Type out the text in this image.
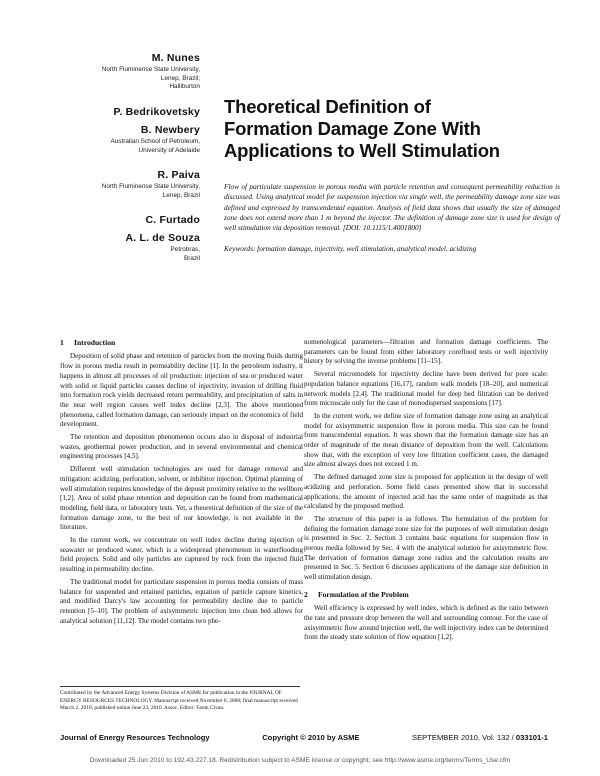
M. Nunes
North Fluminense State University,
Lenep, Brazil;
Halliburton
P. Bedrikovetsky
B. Newbery
Australian School of Petroleum,
University of Adelaide
R. Paiva
North Fluminense State University,
Lenep, Brazil
C. Furtado
A. L. de Souza
Petrobras,
Brazil
Theoretical Definition of
Formation Damage Zone With
Applications to Well Stimulation
Flow of particulate suspension in porous media with particle retention and consequent permeability reduction is discussed. Using analytical model for suspension injection via single well, the permeability damage zone size was defined and expressed by transcendental equation. Analysis of field data shows that usually the size of damaged zone does not extend more than 1 m beyond the injector. The definition of damage zone size is used for design of well stimulation via deposition removal. [DOI: 10.1115/1.4001800]
Keywords: formation damage, injectivity, well stimulation, analytical model, acidizing
1 Introduction

Deposition of solid phase and retention of particles from the moving fluids during flow in porous media result in permeability decline [1]. In the petroleum industry, it happens in almost all processes of oil production: injection of sea or produced water with solid or liquid particles causes decline of injectivity, invasion of drilling fluid into formation rock yields decreased return permeability, and precipitation of salts in the near well region causes well index decline [2,3]. The above mentioned phenomena, called formation damage, can seriously impact on the economics of field development.

The retention and deposition phenomenon occurs also in disposal of industrial wastes, geothermal power production, and in several environmental and chemical engineering processes [4,5].

Different well stimulation technologies are used for damage removal and mitigation: acidizing, perforation, solvent, or inhibitor injection. Optimal planning of well stimulation requires knowledge of the deposit proximity relative to the wellbore [1,2]. Area of solid phase retention and deposition can be found from mathematical modeling, field data, or laboratory tests. Yet, a theoretical definition of the size of the formation damage zone, to the best of our knowledge, is not available in the literature.

In the current work, we concentrate on well index decline during injection of seawater or produced water, which is a widespread phenomenon in waterflooding field projects. Solid and oily particles are captured by rock from the injected fluid resulting in permeability decline.

The traditional model for particulate suspension in porous media consists of mass balance for suspended and retained particles, equation of particle capture kinetics, and modified Darcy's law accounting for permeability decline due to particle retention [5–10]. The problem of axisymmetric injection into clean bed allows for analytical solution [11,12]. The model contains two phe-

nomenological parameters—filtration and formation damage coefficients. The parameters can be found from either laboratory coreflood tests or well injectivity history by solving the inverse problems [11–15].

Several micromodels for injectivity decline have been derived for pore scale: population balance equations [16,17], random walk models [18–20], and numerical network models [2,4]. The traditional model for deep bed filtration can be derived from microscale only for the case of monodispersed suspensions [17].

In the current work, we define size of formation damage zone using an analytical model for axisymmetric suspension flow in porous media. This size can be found from transcendental equation. It was shown that the formation damage size has an order of magnitude of the mean distance of deposition from the well. Calculations show that, with the exception of very low filtration coefficient cases, the damaged size almost always does not exceed 1 m.

The defined damaged zone size is proposed for application in the design of well acidizing and perforation. Some field cases presented show that in successful applications, the amount of injected acid has the same order of magnitude as that calculated by the proposed method.

The structure of this paper is as follows. The formulation of the problem for defining the formation damage zone size for the purposes of well stimulation design is presented in Sec. 2. Section 3 contains basic equations for suspension flow in porous media followed by Sec. 4 with the analytical solution for axisymmetric flow. The derivation of formation damage zone radius and the calculation results are presented in Sec. 5. Section 6 discusses applications of the damage size definition in well stimulation design.

2 Formulation of the Problem

Well efficiency is expressed by well index, which is defined as the ratio between the rate and pressure drop between the well and surrounding contour. For the case of axisymmetric flow around injection well, the well injectivity index can be determined from the steady state solution of flow equation [1,2].

Contributed by the Advanced Energy Systems Division of ASME for publication in the JOURNAL OF ENERGY RESOURCES TECHNOLOGY. Manuscript received November 6, 2008; final manuscript received March 2, 2010; published online June 23, 2010. Assoc. Editor: Faruk Civan.
Journal of Energy Resources Technology	Copyright © 2010 by ASME	SEPTEMBER 2010, Vol. 132 / 033101-1
Downloaded 25 Jun 2010 to 192.43.227.18. Redistribution subject to ASME license or copyright; see http://www.asme.org/terms/Terms_Use.cfm
